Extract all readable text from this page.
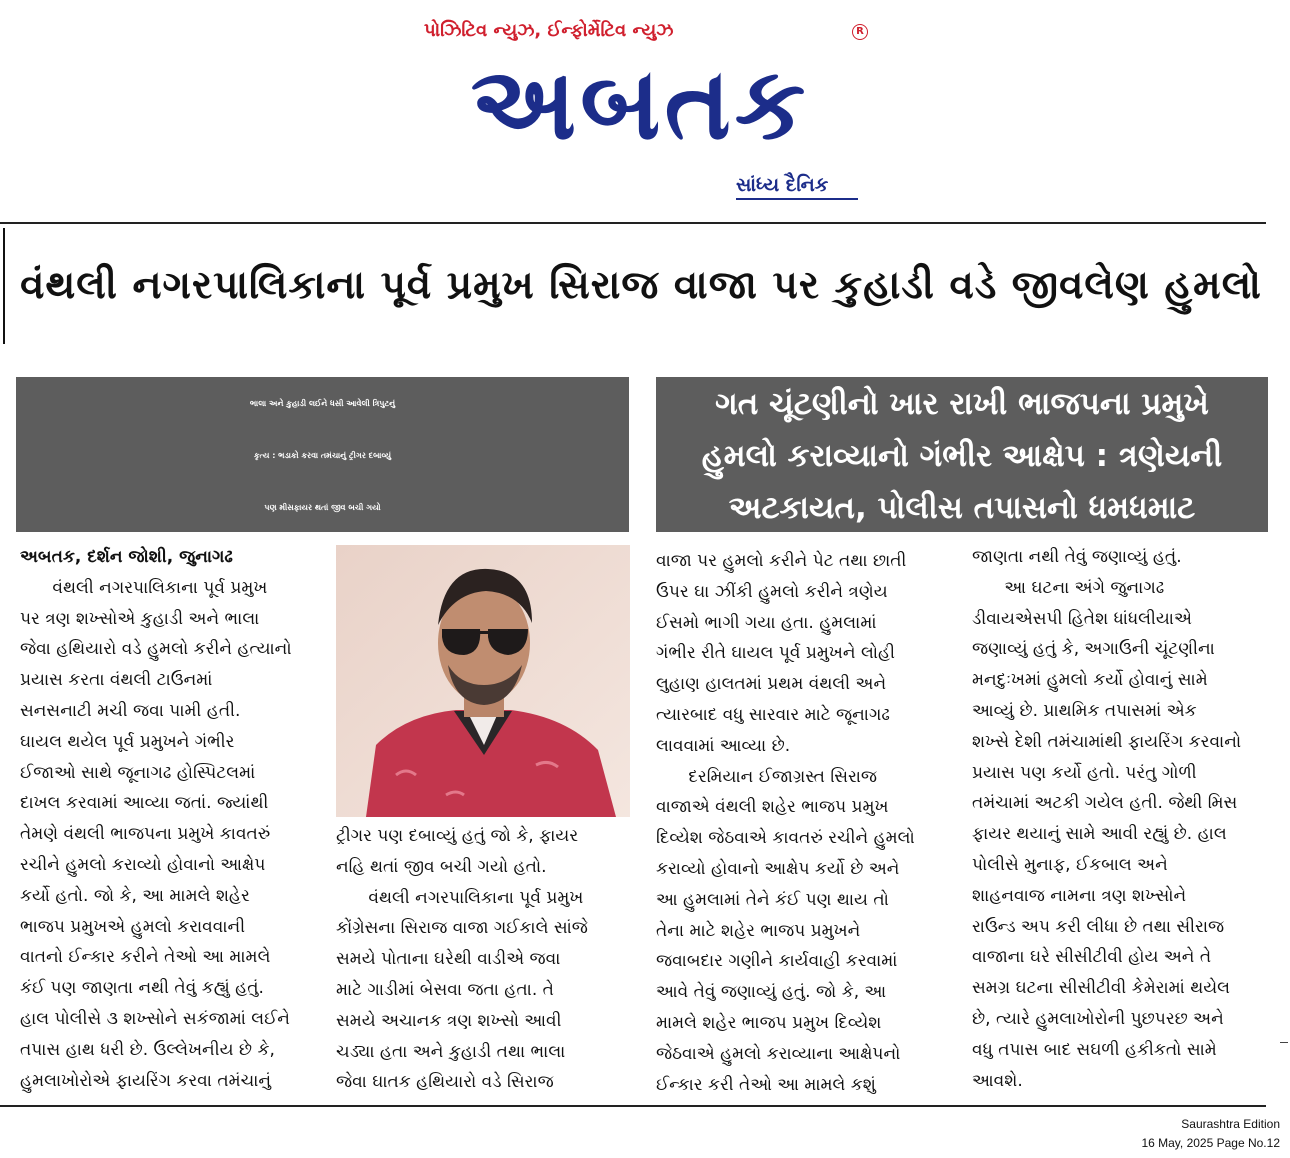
પોઝિટિવ ન્યુઝ, ઈન્ફોર્મેટિવ ન્યુઝ	R
અબતક
સાંધ્ય દૈનિક
વંથલી નગરપાલિકાના પૂર્વ પ્રમુખ સિરાજ વાજા પર કુહાડી વડે જીવલેણ હુમલો
ભાલા અને કુહાડી લઈને ધસી આવેલી ત્રિપુટનું
કૃત્ય : ભડાકો કરવા તમંચાનું ટ્રીગર દબાવ્યું
પણ મીસફાયર થતાં જીવ બચી ગયો
ગત ચૂંટણીનો ખાર રાખી ભાજપના પ્રમુખે
હુમલો કરાવ્યાનો ગંભીર આક્ષેપ : ત્રણેયની
અટકાયત, પોલીસ તપાસનો ધમધમાટ
અબતક, દર્શન જોશી, જુનાગઢ
વંથલી નગરપાલિકાના પૂર્વ પ્રમુખ
પર ત્રણ શખ્સોએ કુહાડી અને ભાલા
જેવા હથિયારો વડે હુમલો કરીને હત્યાનો
પ્રયાસ કરતા વંથલી ટાઉનમાં
સનસનાટી મચી જવા પામી હતી.
ઘાયલ થયેલ પૂર્વ પ્રમુખને ગંભીર
ઈજાઓ સાથે જૂનાગઢ હોસ્પિટલમાં
દાખલ કરવામાં આવ્યા જતાં. જ્યાંથી
તેમણે વંથલી ભાજપના પ્રમુખે કાવતરું
રચીને હુમલો કરાવ્યો હોવાનો આક્ષેપ
કર્યો હતો. જો કે, આ મામલે શહેર
ભાજપ પ્રમુખએ હુમલો કરાવવાની
વાતનો ઈન્કાર કરીને તેઓ આ મામલે
કંઈ પણ જાણતા નથી તેવું કહ્યું હતું.
હાલ પોલીસે ૩ શખ્સોને સકંજામાં લઈને
તપાસ હાથ ધરી છે. ઉલ્લેખનીય છે કે,
હુમલાખોરોએ ફાયરિંગ કરવા તમંચાનું
ટ્રીગર પણ દબાવ્યું હતું જો કે, ફાયર
નહિ થતાં જીવ બચી ગયો હતો.
વંથલી નગરપાલિકાના પૂર્વ પ્રમુખ
કોંગ્રેસના સિરાજ વાજા ગઈકાલે સાંજે
સમયે પોતાના ઘરેથી વાડીએ જવા
માટે ગાડીમાં બેસવા જતા હતા. તે
સમયે અચાનક ત્રણ શખ્સો આવી
ચડ્યા હતા અને કુહાડી તથા ભાલા
જેવા ઘાતક હથિયારો વડે સિરાજ
વાજા પર હુમલો કરીને પેટ તથા છાતી
ઉપર ઘા ઝીંકી હુમલો કરીને ત્રણેય
ઈસમો ભાગી ગયા હતા. હુમલામાં
ગંભીર રીતે ઘાયલ પૂર્વ પ્રમુખને લોહી
લુહાણ હાલતમાં પ્રથમ વંથલી અને
ત્યારબાદ વધુ સારવાર માટે જૂનાગઢ
લાવવામાં આવ્યા છે.
દરમિયાન ઈજાગ્રસ્ત સિરાજ
વાજાએ વંથલી શહેર ભાજપ પ્રમુખ
દિવ્યેશ જેઠવાએ કાવતરું રચીને હુમલો
કરાવ્યો હોવાનો આક્ષેપ કર્યો છે અને
આ હુમલામાં તેને કંઈ પણ થાય તો
તેના માટે શહેર ભાજપ પ્રમુખને
જવાબદાર ગણીને કાર્યવાહી કરવામાં
આવે તેવું જણાવ્યું હતું. જો કે, આ
મામલે શહેર ભાજપ પ્રમુખ દિવ્યેશ
જેઠવાએ હુમલો કરાવ્યાના આક્ષેપનો
ઈન્કાર કરી તેઓ આ મામલે કશું
જાણતા નથી તેવું જણાવ્યું હતું.
આ ઘટના અંગે જુનાગઢ
ડીવાયએસપી હિતેશ ધાંધલીયાએ
જણાવ્યું હતું કે, અગાઉની ચૂંટણીના
મનદુઃખમાં હુમલો કર્યો હોવાનું સામે
આવ્યું છે. પ્રાથમિક તપાસમાં એક
શખ્સે દેશી તમંચામાંથી ફાયરિંગ કરવાનો
પ્રયાસ પણ કર્યો હતો. પરંતુ ગોળી
તમંચામાં અટકી ગયેલ હતી. જેથી મિસ
ફાયર થયાનું સામે આવી રહ્યું છે. હાલ
પોલીસે મુનાફ, ઈકબાલ અને
શાહનવાજ નામના ત્રણ શખ્સોને
રાઉન્ડ અપ કરી લીધા છે તથા સીરાજ
વાજાના ઘરે સીસીટીવી હોય અને તે
સમગ્ર ઘટના સીસીટીવી કેમેરામાં થયેલ
છે, ત્યારે હુમલાખોરોની પુછપરછ અને
વધુ તપાસ બાદ સઘળી હકીકતો સામે
આવશે.
Saurashtra Edition
16 May, 2025 Page No.12
